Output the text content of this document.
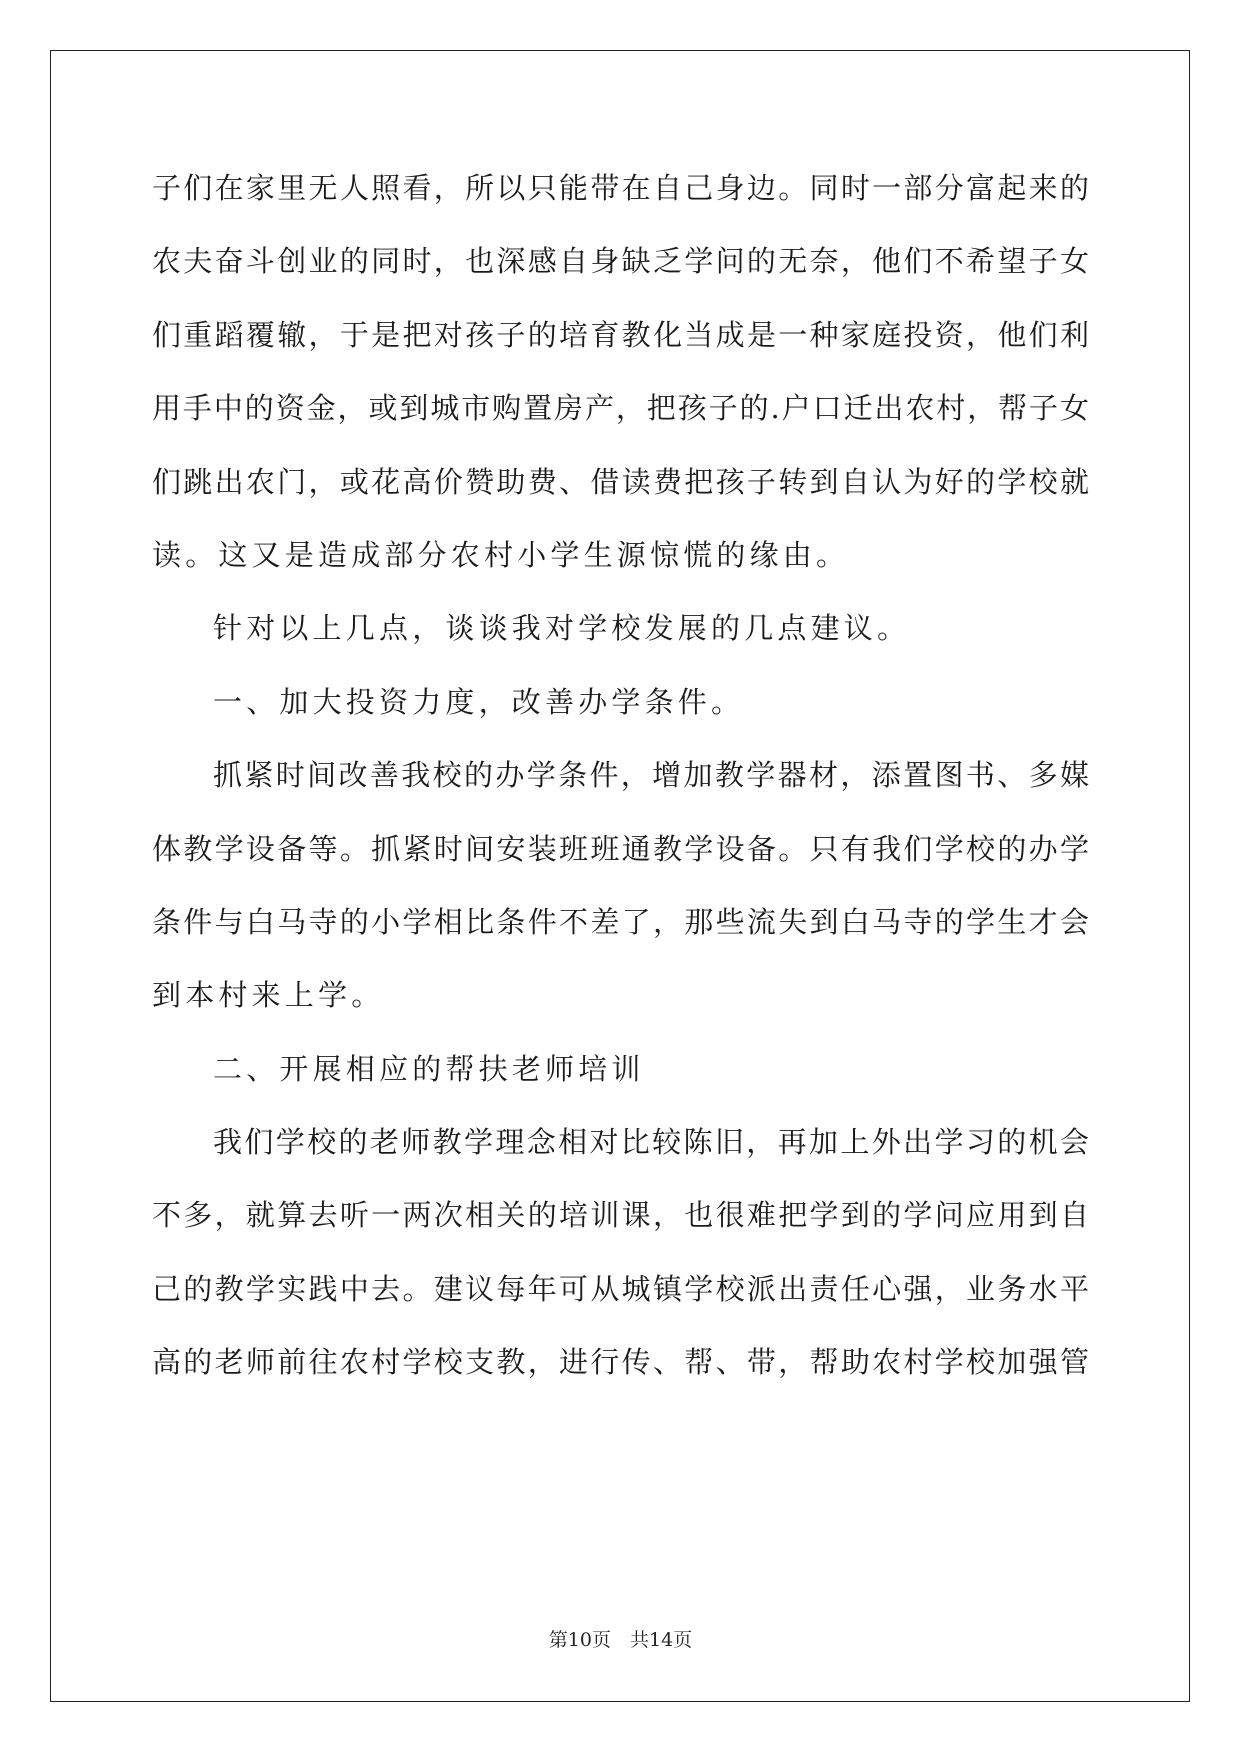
子们在家里无人照看，所以只能带在自己身边。同时一部分富起来的
农夫奋斗创业的同时，也深感自身缺乏学问的无奈，他们不希望子女
们重蹈覆辙，于是把对孩子的培育教化当成是一种家庭投资，他们利
用手中的资金，或到城市购置房产，把孩子的.户口迁出农村，帮子女
们跳出农门，或花高价赞助费、借读费把孩子转到自认为好的学校就
读。这又是造成部分农村小学生源惊慌的缘由。
针对以上几点，谈谈我对学校发展的几点建议。
一、加大投资力度，改善办学条件。
抓紧时间改善我校的办学条件，增加教学器材，添置图书、多媒
体教学设备等。抓紧时间安装班班通教学设备。只有我们学校的办学
条件与白马寺的小学相比条件不差了，那些流失到白马寺的学生才会
到本村来上学。
二、开展相应的帮扶老师培训
我们学校的老师教学理念相对比较陈旧，再加上外出学习的机会
不多，就算去听一两次相关的培训课，也很难把学到的学问应用到自
己的教学实践中去。建议每年可从城镇学校派出责任心强，业务水平
高的老师前往农村学校支教，进行传、帮、带，帮助农村学校加强管
第10页　共14页
